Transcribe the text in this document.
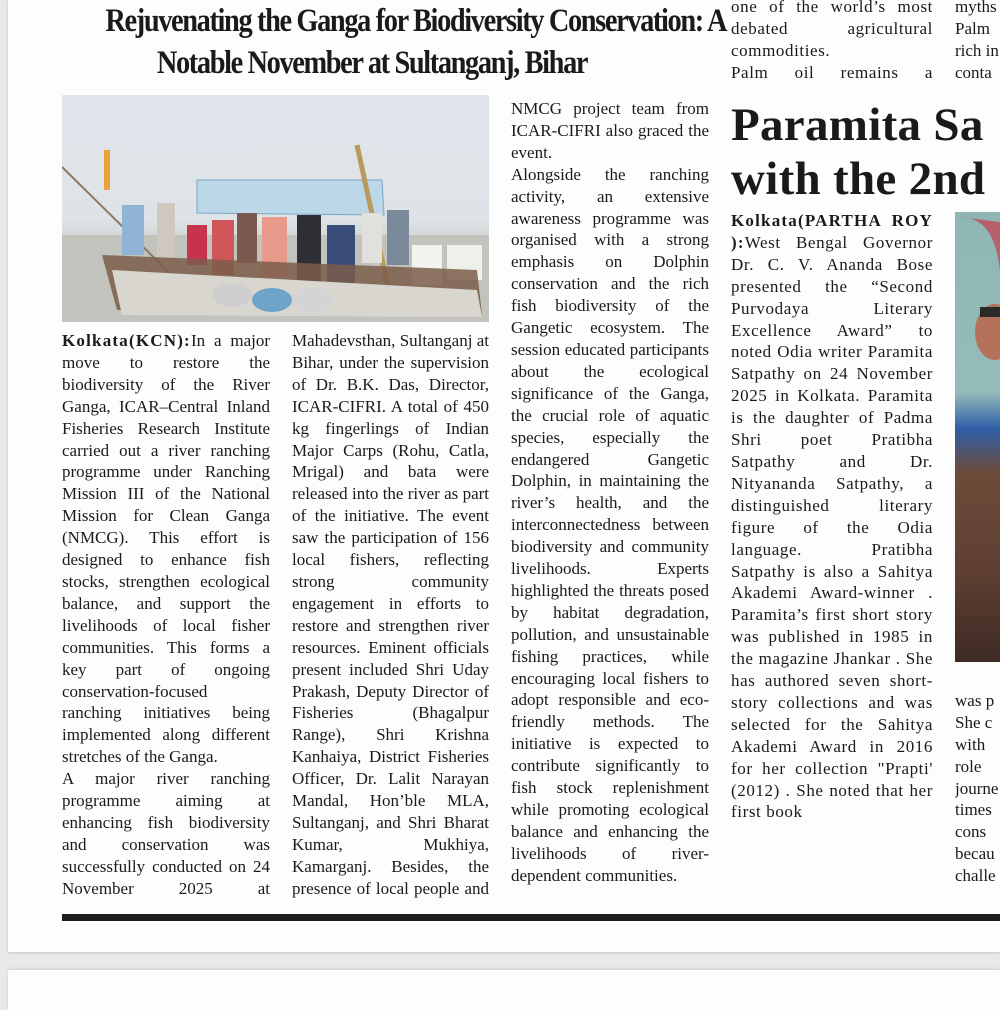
Rejuvenating the Ganga for Biodiversity Conservation: A
Notable November at Sultanganj, Bihar

Kolkata(KCN):In a major move to restore the biodiversity of the River Ganga, ICAR–Central Inland Fisheries Research Institute carried out a river ranching programme under Ranching Mission III of the National Mission for Clean Ganga (NMCG). This effort is designed to enhance fish stocks, strengthen ecological balance, and support the livelihoods of local fisher communities. This forms a key part of ongoing conservation-focused ranching initiatives being implemented along different stretches of the Ganga.

A major river ranching programme aiming at enhancing fish biodiversity and conservation was successfully conducted on 24 November 2025 at

Mahadevsthan, Sultanganj at Bihar, under the supervision of Dr. B.K. Das, Director, ICAR-CIFRI. A total of 450 kg fingerlings of Indian Major Carps (Rohu, Catla, Mrigal) and bata were released into the river as part of the initiative. The event saw the participation of 156 local fishers, reflecting strong community engagement in efforts to restore and strengthen river resources. Eminent officials present included Shri Uday Prakash, Deputy Director of Fisheries (Bhagalpur Range), Shri Krishna Kanhaiya, District Fisheries Officer, Dr. Lalit Narayan Mandal, Hon’ble MLA, Sultanganj, and Shri Bharat Kumar, Mukhiya, Kamarganj. Besides, the presence of local people and

NMCG project team from ICAR-CIFRI also graced the event.

Alongside the ranching activity, an extensive awareness programme was organised with a strong emphasis on Dolphin conservation and the rich fish biodiversity of the Gangetic ecosystem. The session educated participants about the ecological significance of the Ganga, the crucial role of aquatic species, especially the endangered Gangetic Dolphin, in maintaining the river’s health, and the interconnectedness between biodiversity and community livelihoods. Experts highlighted the threats posed by habitat degradation, pollution, and unsustainable fishing practices, while encouraging local fishers to adopt responsible and eco-friendly methods. The initiative is expected to contribute significantly to fish stock replenishment while promoting ecological balance and enhancing the livelihoods of river-dependent communities.

one of the world’s most debated agricultural commodities.

Palm oil remains a

myths
Palm
rich in
conta
Paramita Sa
with the 2nd

Kolkata(PARTHA ROY ):West Bengal Governor Dr. C. V. Ananda Bose presented the “Second Purvodaya Literary Excellence Award” to noted Odia writer Paramita Satpathy on 24 November 2025 in Kolkata. Paramita is the daughter of Padma Shri poet Pratibha Satpathy and Dr. Nityananda Satpathy, a distinguished literary figure of the Odia language. Pratibha Satpathy is also a Sahitya Akademi Award-winner . Paramita’s first short story was published in 1985 in the magazine Jhankar . She has authored seven short-story collections and was selected for the Sahitya Akademi Award in 2016 for her collection "Prapti' (2012) . She noted that her first book

was p
She c
with
role
journe
times
cons
becau
challe
